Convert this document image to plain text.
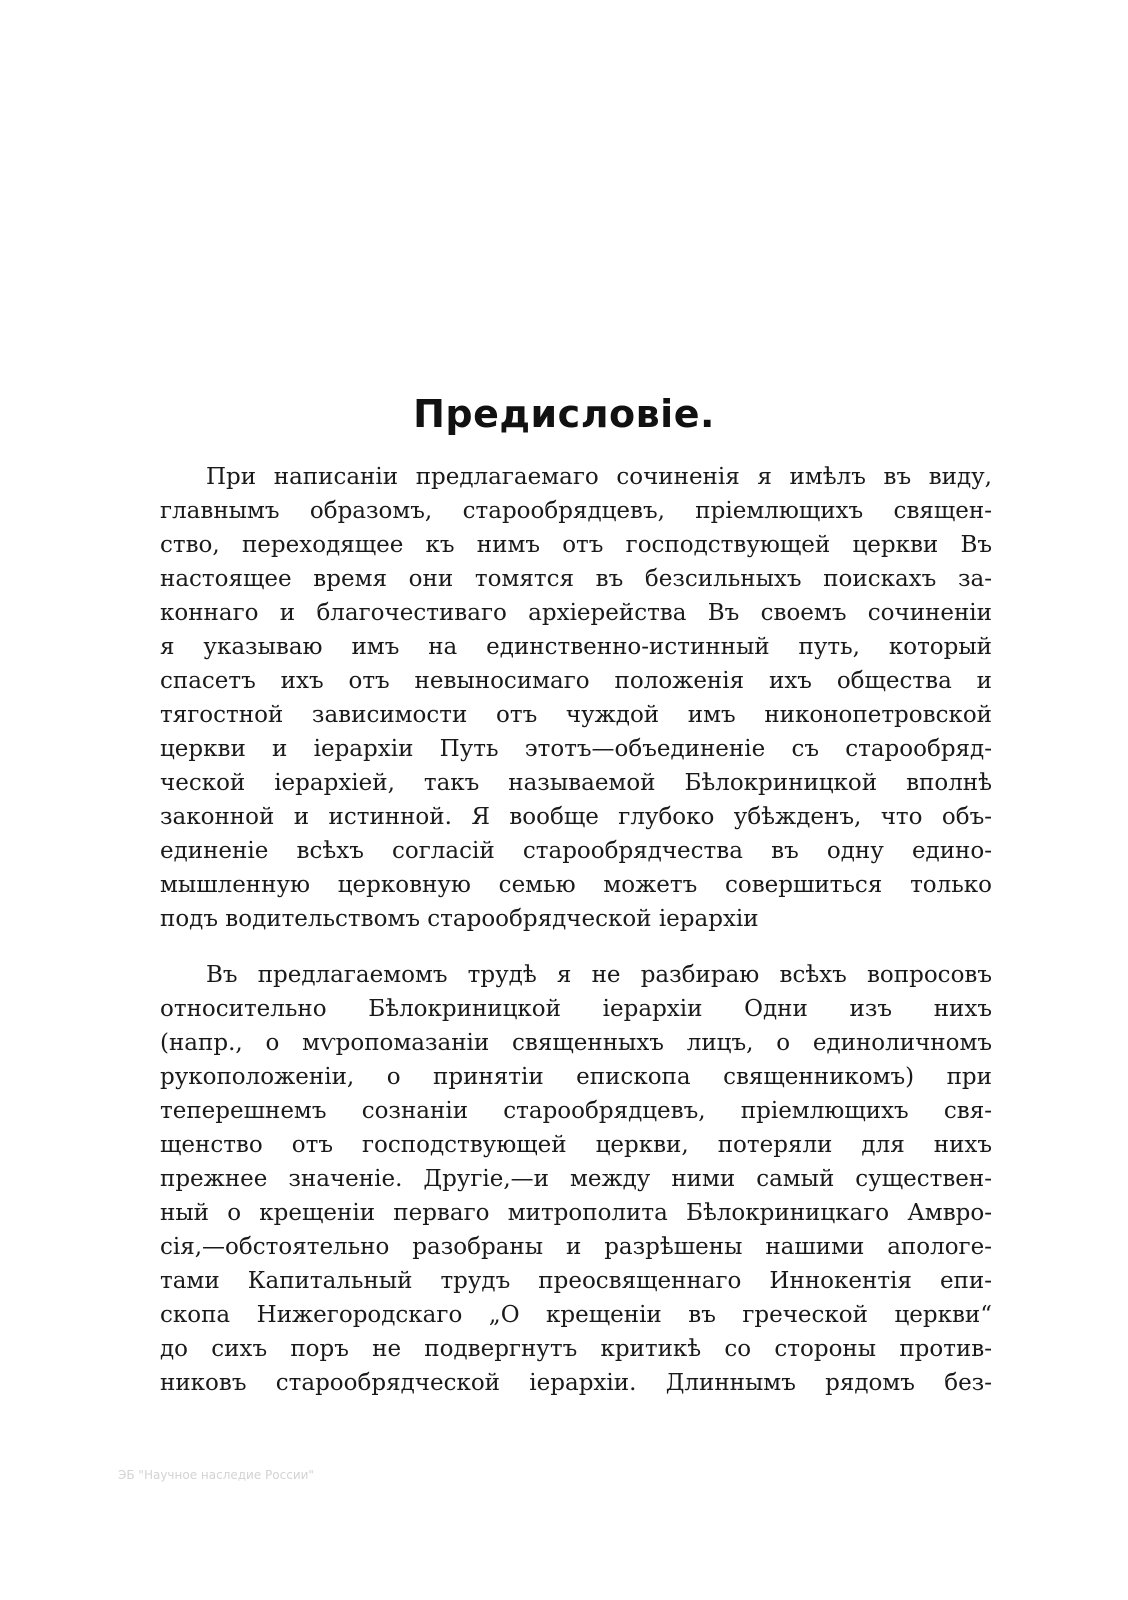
Предисловіе.
При написаніи предлагаемаго сочиненія я имѣлъ въ виду,
главнымъ образомъ, старообрядцевъ, пріемлющихъ священ-
ство, переходящее къ нимъ отъ господствующей церкви Въ
настоящее время они томятся въ безсильныхъ поискахъ за-
коннаго и благочестиваго архіерейства Въ своемъ сочиненіи
я указываю имъ на единственно-истинный путь, который
спасетъ ихъ отъ невыносимаго положенія ихъ общества и
тягостной зависимости отъ чуждой имъ никонопетровской
церкви и іерархіи Путь этотъ—объединеніе съ старообряд-
ческой іерархіей, такъ называемой Бѣлокриницкой вполнѣ
законной и истинной. Я вообще глубоко убѣжденъ, что объ-
единеніе всѣхъ согласій старообрядчества въ одну едино-
мышленную церковную семью можетъ совершиться только
подъ водительствомъ старообрядческой іерархіи
Въ предлагаемомъ трудѣ я не разбираю всѣхъ вопросовъ
относительно Бѣлокриницкой іерархіи Одни изъ нихъ
(напр., о мѵропомазаніи священныхъ лицъ, о единоличномъ
рукоположеніи, о принятіи епископа священникомъ) при
теперешнемъ сознаніи старообрядцевъ, пріемлющихъ свя-
щенство отъ господствующей церкви, потеряли для нихъ
прежнее значеніе. Другіе,—и между ними самый существен-
ный о крещеніи перваго митрополита Бѣлокриницкаго Амвро-
сія,—обстоятельно разобраны и разрѣшены нашими апологе-
тами Капитальный трудъ преосвященнаго Иннокентія епи-
скопа Нижегородскаго „О крещеніи въ греческой церкви“
до сихъ поръ не подвергнутъ критикѣ со стороны против-
никовъ старообрядческой іерархіи. Длиннымъ рядомъ без-
ЭБ "Научное наследие России"
